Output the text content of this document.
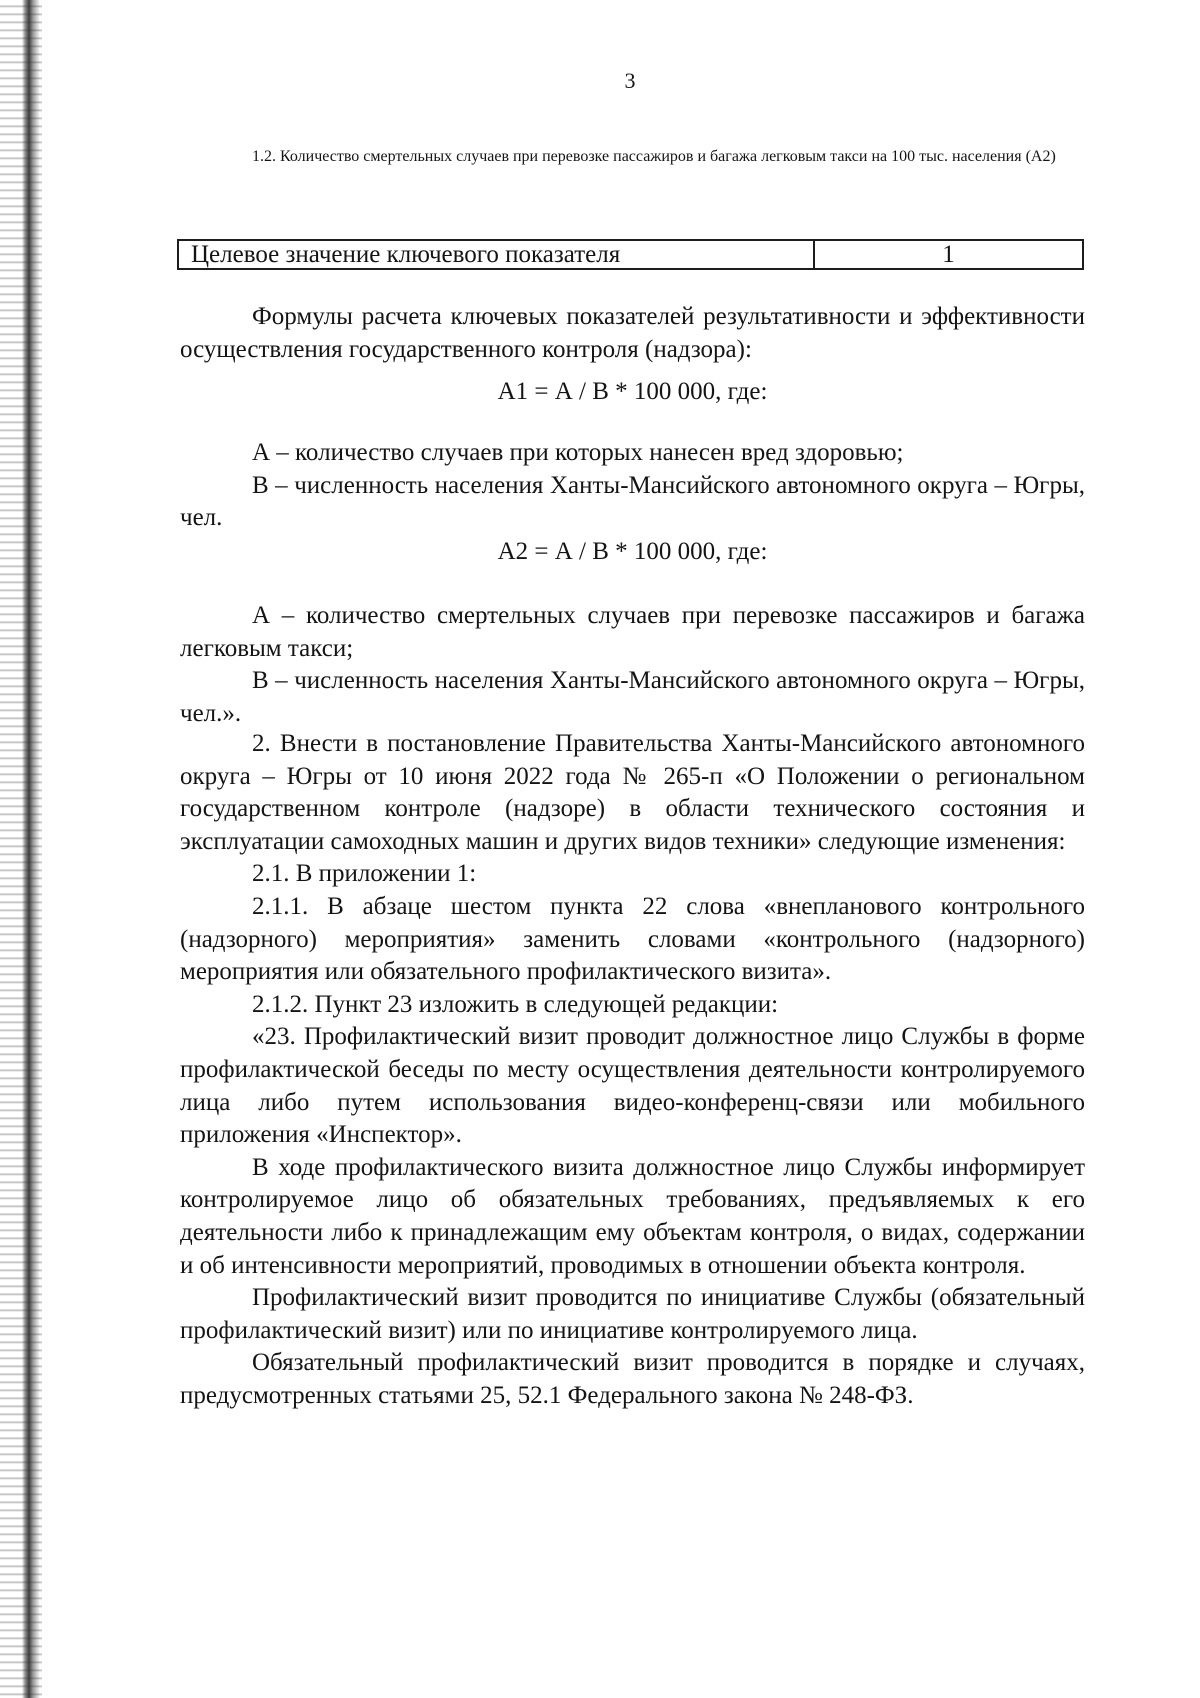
3

1.2. Количество смертельных случаев при перевозке пассажиров и багажа легковым такси на 100 тыс. населения (А2)

Целевое значение ключевого показателя	1

Формулы расчета ключевых показателей результативности и эффективности осуществления государственного контроля (надзора):

А1 = А / В * 100 000, где:

А – количество случаев при которых нанесен вред здоровью;

В – численность населения Ханты-Мансийского автономного округа – Югры, чел.

А2 = А / В * 100 000, где:

А – количество смертельных случаев при перевозке пассажиров и багажа легковым такси;

В – численность населения Ханты-Мансийского автономного округа – Югры, чел.».

2. Внести в постановление Правительства Ханты-Мансийского автономного округа – Югры от 10 июня 2022 года № 265-п «О Положении о региональном государственном контроле (надзоре) в области технического состояния и эксплуатации самоходных машин и других видов техники» следующие изменения:

2.1. В приложении 1:

2.1.1. В абзаце шестом пункта 22 слова «внепланового контрольного (надзорного) мероприятия» заменить словами «контрольного (надзорного) мероприятия или обязательного профилактического визита».

2.1.2. Пункт 23 изложить в следующей редакции:

«23. Профилактический визит проводит должностное лицо Службы в форме профилактической беседы по месту осуществления деятельности контролируемого лица либо путем использования видео-конференц-связи или мобильного приложения «Инспектор».

В ходе профилактического визита должностное лицо Службы информирует контролируемое лицо об обязательных требованиях, предъявляемых к его деятельности либо к принадлежащим ему объектам контроля, о видах, содержании и об интенсивности мероприятий, проводимых в отношении объекта контроля.

Профилактический визит проводится по инициативе Службы (обязательный профилактический визит) или по инициативе контролируемого лица.

Обязательный профилактический визит проводится в порядке и случаях, предусмотренных статьями 25, 52.1 Федерального закона № 248-ФЗ.
